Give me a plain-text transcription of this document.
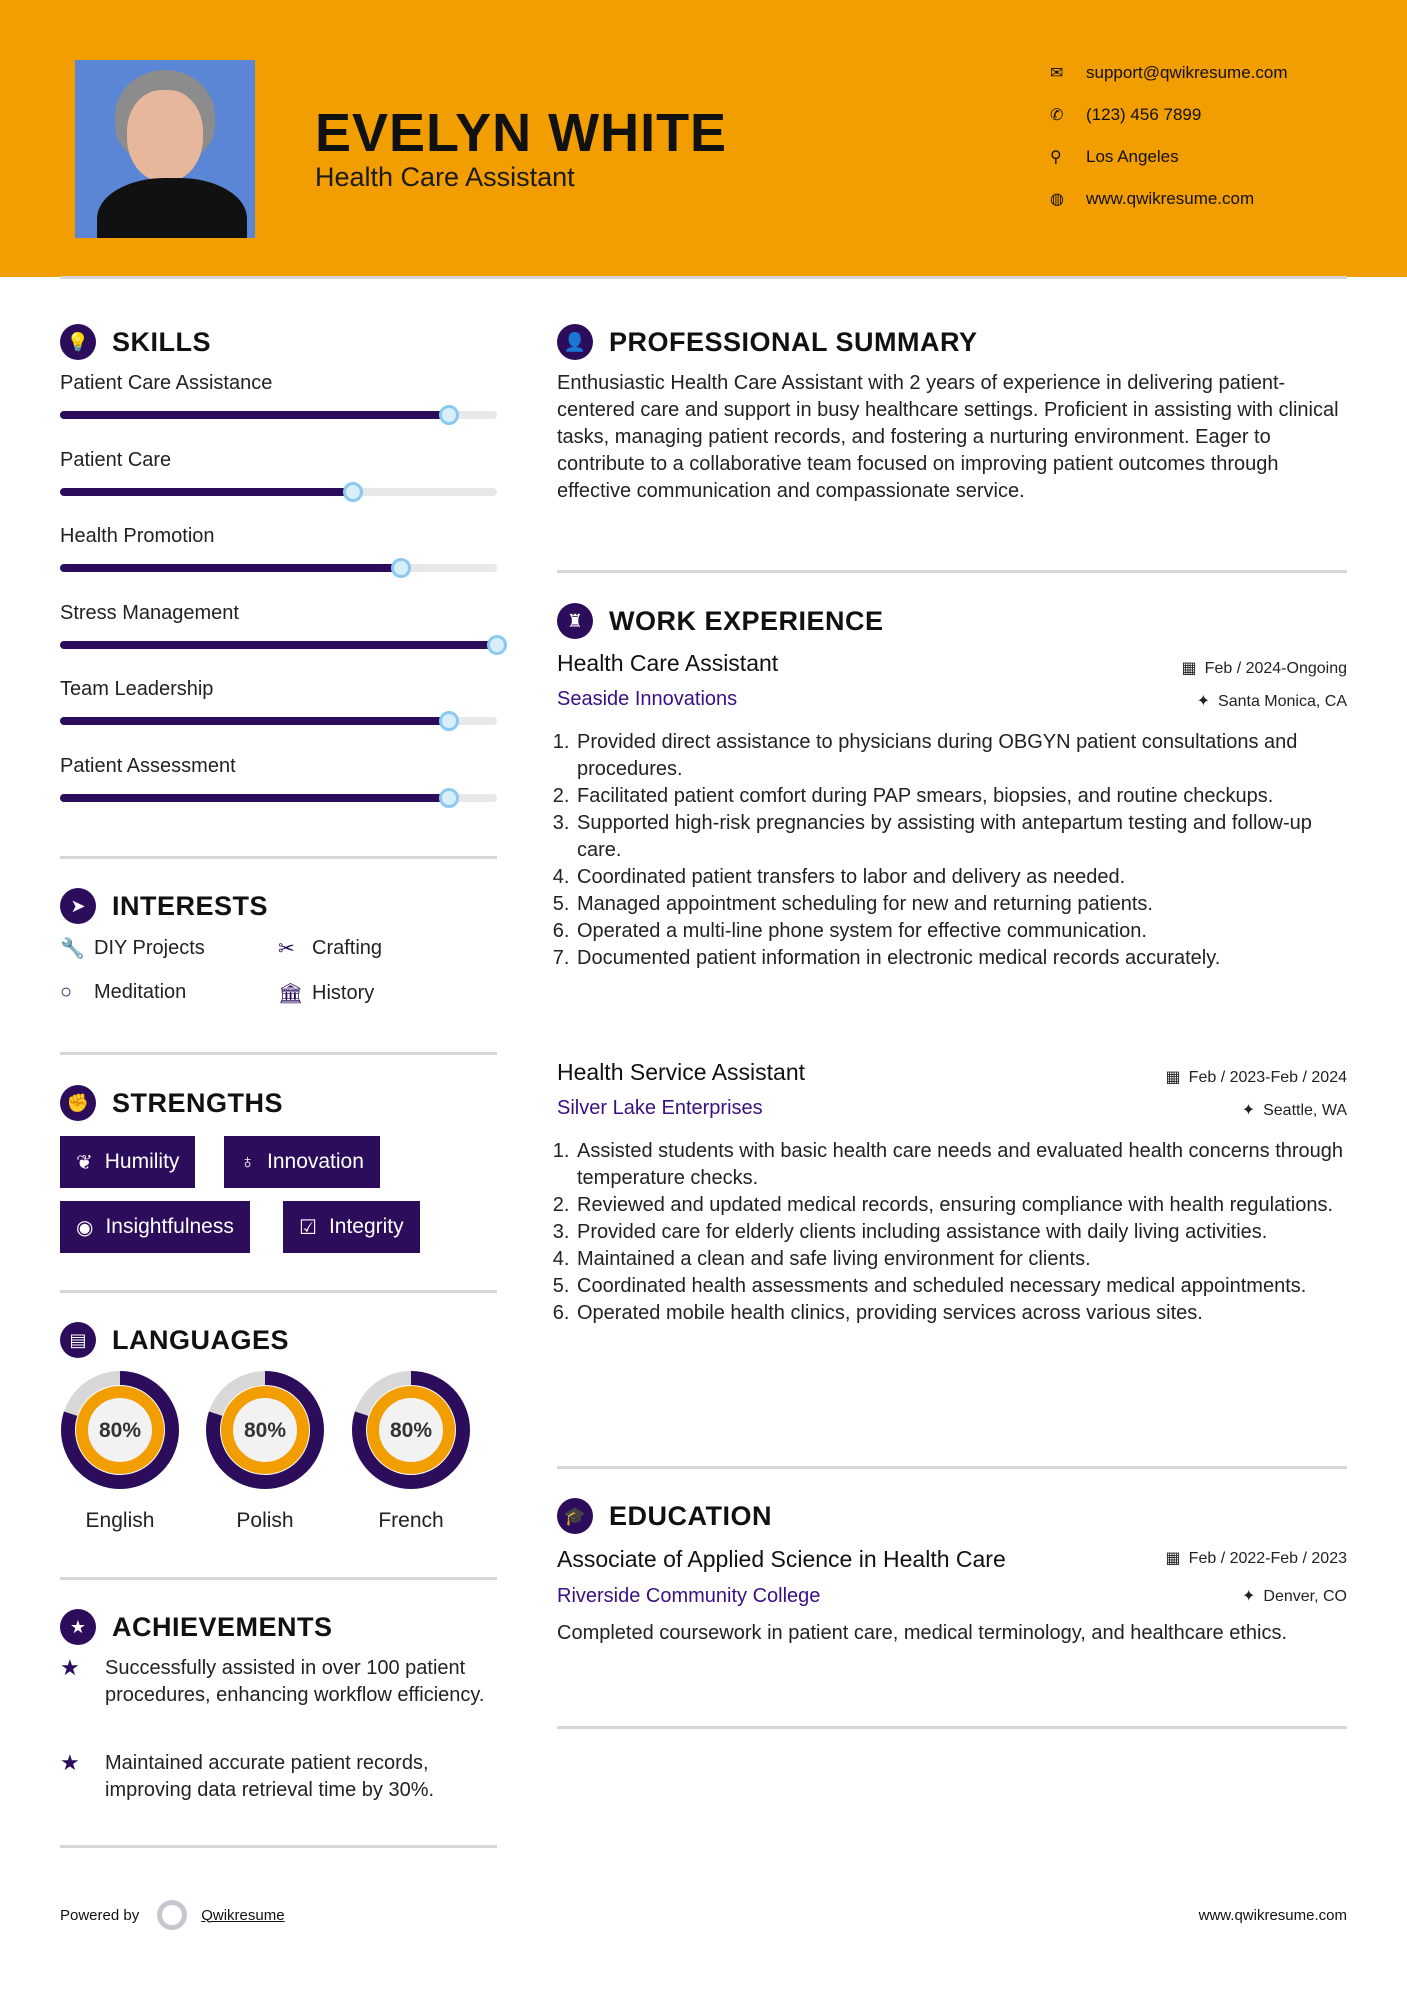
EVELYN WHITE
Health Care Assistant
✉	support@qwikresume.com
✆	(123) 456 7899
⚲	Los Angeles
◍	www.qwikresume.com
💡 SKILLS
Patient Care Assistance
Patient Care
Health Promotion
Stress Management
Team Leadership
Patient Assessment
➤ INTERESTS
🔧 DIY Projects	✂ Crafting
○	Meditation	🏛 History
✊ STRENGTHS
❦ Humility	♁ Innovation
◉ Insightfulness	☑ Integrity
▤ LANGUAGES
80%
English
80%
Polish
80%
French
★ ACHIEVEMENTS
★	Successfully assisted in over 100 patient procedures, enhancing workflow efficiency.
★	Maintained accurate patient records, improving data retrieval time by 30%.
👤 PROFESSIONAL SUMMARY
Enthusiastic Health Care Assistant with 2 years of experience in delivering patient-centered care and support in busy healthcare settings. Proficient in assisting with clinical tasks, managing patient records, and fostering a nurturing environment. Eager to contribute to a collaborative team focused on improving patient outcomes through effective communication and compassionate service.
♜ WORK EXPERIENCE
Health Care Assistant
Seaside Innovations
▦ Feb / 2024-Ongoing
✦ Santa Monica, CA
1. Provided direct assistance to physicians during OBGYN patient consultations and procedures.
2. Facilitated patient comfort during PAP smears, biopsies, and routine checkups.
3. Supported high-risk pregnancies by assisting with antepartum testing and follow-up care.
4. Coordinated patient transfers to labor and delivery as needed.
5. Managed appointment scheduling for new and returning patients.
6. Operated a multi-line phone system for effective communication.
7. Documented patient information in electronic medical records accurately.
Health Service Assistant
Silver Lake Enterprises
▦ Feb / 2023-Feb / 2024
✦ Seattle, WA
1. Assisted students with basic health care needs and evaluated health concerns through temperature checks.
2. Reviewed and updated medical records, ensuring compliance with health regulations.
3. Provided care for elderly clients including assistance with daily living activities.
4. Maintained a clean and safe living environment for clients.
5. Coordinated health assessments and scheduled necessary medical appointments.
6. Operated mobile health clinics, providing services across various sites.
🎓 EDUCATION
Associate of Applied Science in Health Care
Riverside Community College
▦ Feb / 2022-Feb / 2023
✦ Denver, CO
Completed coursework in patient care, medical terminology, and healthcare ethics.
Powered by	Qwikresume	www.qwikresume.com
